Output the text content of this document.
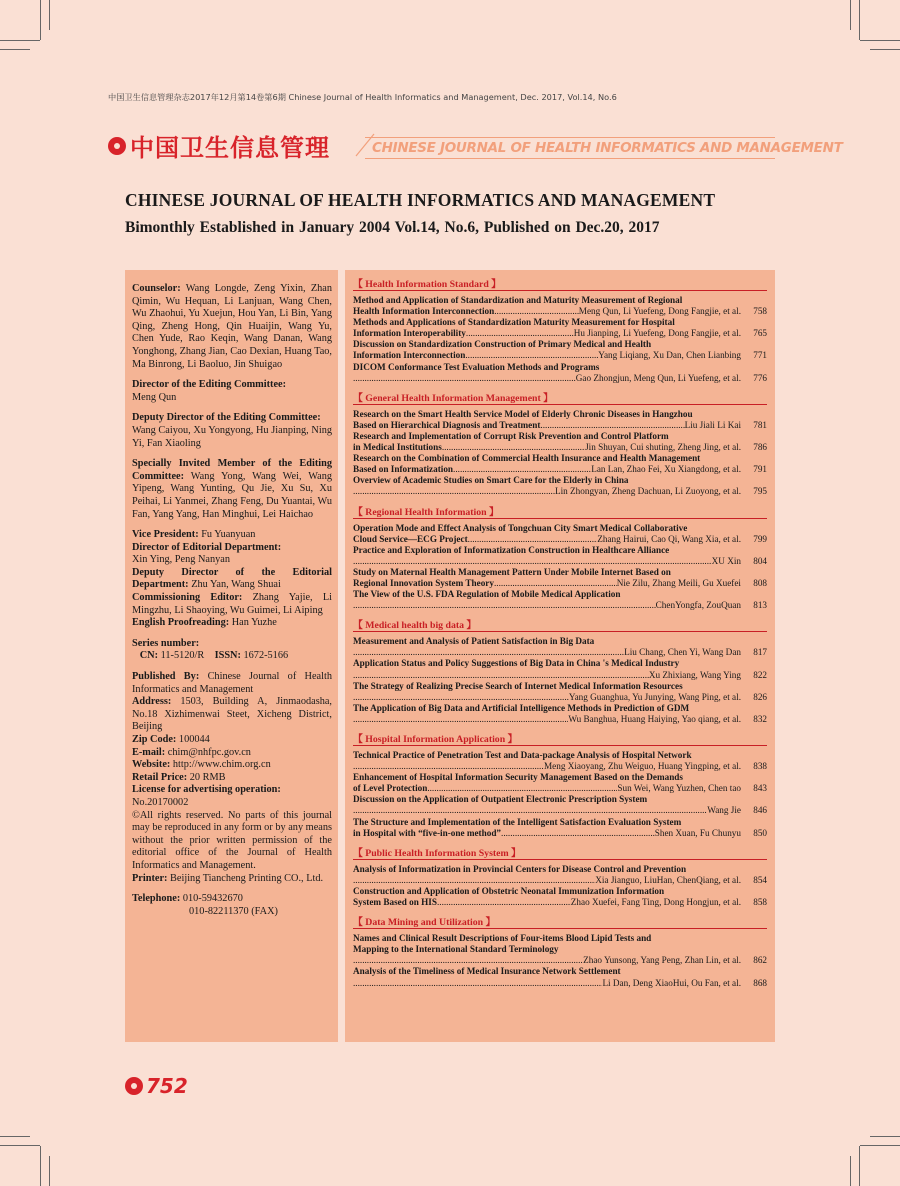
中国卫生信息管理杂志2017年12月第14卷第6期 Chinese Journal of Health Informatics and Management, Dec. 2017, Vol.14, No.6
中国卫生信息管理	CHINESE JOURNAL OF HEALTH INFORMATICS AND MANAGEMENT
CHINESE JOURNAL OF HEALTH INFORMATICS AND MANAGEMENT
Bimonthly Established in January 2004 Vol.14, No.6, Published on Dec.20, 2017

Counselor: Wang Longde, Zeng Yixin, Zhan Qimin, Wu Hequan, Li Lanjuan, Wang Chen, Wu Zhaohui, Yu Xuejun, Hou Yan, Li Bin, Yang Qing, Zheng Hong, Qin Huaijin, Wang Yu, Chen Yude, Rao Keqin, Wang Danan, Wang Yonghong, Zhang Jian, Cao Dexian, Huang Tao, Ma Binrong, Li Baoluo, Jin Shuigao

Director of the Editing Committee:
Meng Qun

Deputy Director of the Editing Committee:
Wang Caiyou, Xu Yongyong, Hu Jianping, Ning Yi, Fan Xiaoling

Specially Invited Member of the Editing Committee: Wang Yong, Wang Wei, Wang Yipeng, Wang Yunting, Qu Jie, Xu Su, Xu Peihai, Li Yanmei, Zhang Feng, Du Yuantai, Wu Fan, Yang Yang, Han Minghui, Lei Haichao

Vice President: Fu Yuanyuan
Director of Editorial Department:
Xin Ying, Peng Nanyan
Deputy Director of the Editorial Department: Zhu Yan, Wang Shuai
Commissioning Editor: Zhang Yajie, Li Mingzhu, Li Shaoying, Wu Guimei, Li Aiping
English Proofreading: Han Yuzhe

Series number:
CN: 11-5120/R ISSN: 1672-5166

Published By: Chinese Journal of Health Informatics and Management
Address: 1503, Building A, Jinmaodasha, No.18 Xizhimenwai Steet, Xicheng District, Beijing
Zip Code: 100044
E-mail: chim@nhfpc.gov.cn
Website: http://www.chim.org.cn
Retail Price: 20 RMB
License for advertising operation:
No.20170002
©All rights reserved. No parts of this journal may be reproduced in any form or by any means without the prior written permission of the editorial office of the Journal of Health Informatics and Management.
Printer: Beijing Tiancheng Printing CO., Ltd.

Telephone: 010-59432670
010-82211370 (FAX)

【 Health Information Standard 】
Method and Application of Standardization and Maturity Measurement of Regional
Health Information Interconnection .....	Meng Qun, Li Yuefeng, Dong Fangjie, et al.	758
Methods and Applications of Standardization Maturity Measurement for Hospital
Information Interoperability .....	Hu Jianping, Li Yuefeng, Dong Fangjie, et al.	765
Discussion on Standardization Construction of Primary Medical and Health
Information Interconnection .....	Yang Liqiang, Xu Dan, Chen Lianbing	771
DICOM Conformance Test Evaluation Methods and Programs
.....
Gao Zhongjun, Meng Qun, Li Yuefeng, et al.	776
【 General Health Information Management 】
Research on the Smart Health Service Model of Elderly Chronic Diseases in Hangzhou
Based on Hierarchical Diagnosis and Treatment .....	Liu Jiali Li Kai	781
Research and Implementation of Corrupt Risk Prevention and Control Platform
in Medical Institutions .....	Jin Shuyan, Cui shuting, Zheng Jing, et al.	786
Research on the Combination of Commercial Health Insurance and Health Management
Based on Informatization .....	Lan Lan, Zhao Fei, Xu Xiangdong, et al.	791
Overview of Academic Studies on Smart Care for the Elderly in China
.....
Lin Zhongyan, Zheng Dachuan, Li Zuoyong, et al.	795
【 Regional Health Information 】
Operation Mode and Effect Analysis of Tongchuan City Smart Medical Collaborative
Cloud Service—ECG Project .....	Zhang Hairui, Cao Qi, Wang Xia, et al.	799
Practice and Exploration of Informatization Construction in Healthcare Alliance
.....
XU Xin	804
Study on Maternal Health Management Pattern Under Mobile Internet Based on
Regional Innovation System Theory .....	Nie Zilu, Zhang Meili, Gu Xuefei	808
The View of the U.S. FDA Regulation of Mobile Medical Application
.....
ChenYongfa, ZouQuan	813
【 Medical health big data 】
Measurement and Analysis of Patient Satisfaction in Big Data
.....
Liu Chang, Chen Yi, Wang Dan	817
Application Status and Policy Suggestions of Big Data in China 's Medical Industry
.....
Xu Zhixiang, Wang Ying	822
The Strategy of Realizing Precise Search of Internet Medical Information Resources
.....
Yang Guanghua, Yu Junying, Wang Ping, et al.	826
The Application of Big Data and Artificial Intelligence Methods in Prediction of GDM
.....
Wu Banghua, Huang Haiying, Yao qiang, et al.	832
【 Hospital Information Application 】
Technical Practice of Penetration Test and Data-package Analysis of Hospital Network
.....
Meng Xiaoyang, Zhu Weiguo, Huang Yingping, et al.	838
Enhancement of Hospital Information Security Management Based on the Demands
of Level Protection .....	Sun Wei, Wang Yuzhen, Chen tao	843
Discussion on the Application of Outpatient Electronic Prescription System
.....
Wang Jie	846
The Structure and Implementation of the Intelligent Satisfaction Evaluation System
in Hospital with “five-in-one method” .....	Shen Xuan, Fu Chunyu	850
【 Public Health Information System 】
Analysis of Informatization in Provincial Centers for Disease Control and Prevention
.....
Xia Jianguo, LiuHan, ChenQiang, et al.	854
Construction and Application of Obstetric Neonatal Immunization Information
System Based on HIS .....	Zhao Xuefei, Fang Ting, Dong Hongjun, et al.	858
【 Data Mining and Utilization 】
Names and Clinical Result Descriptions of Four-items Blood Lipid Tests and
Mapping to the International Standard Terminology
.....
Zhao Yunsong, Yang Peng, Zhan Lin, et al.	862
Analysis of the Timeliness of Medical Insurance Network Settlement
.....
Li Dan, Deng XiaoHui, Ou Fan, et al.	868
752
